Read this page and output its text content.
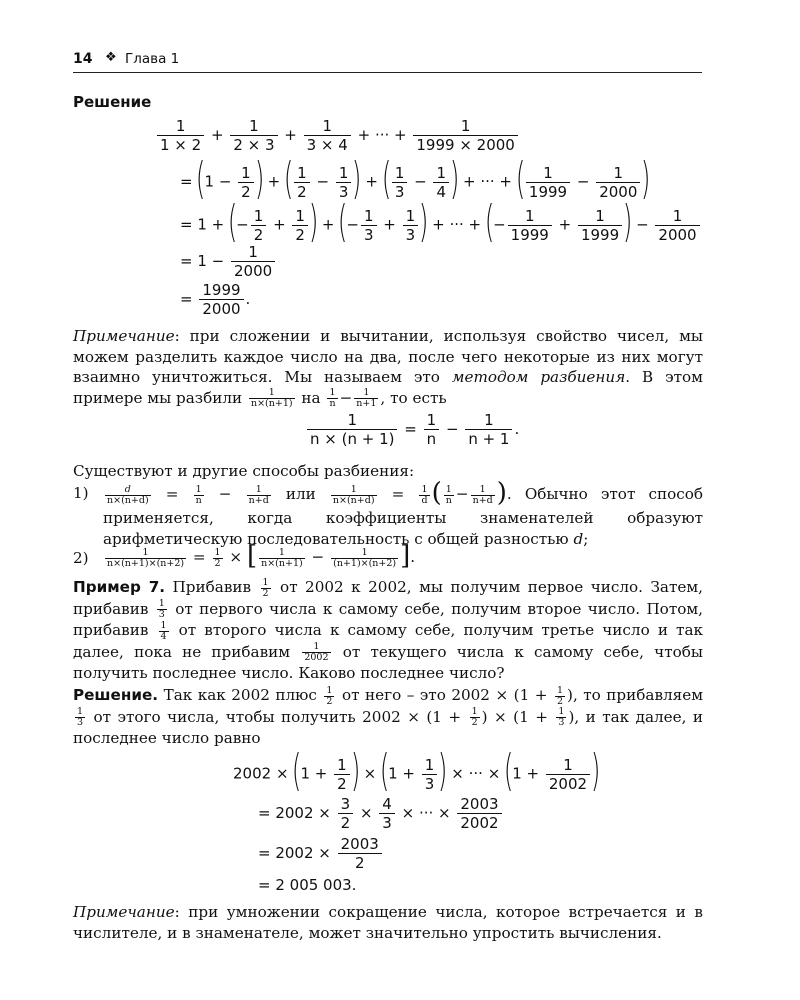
14 ❖ Глава 1
Решение
$\frac{1}{1 \times 2} + \frac{1}{2 \times 3} + \frac{1}{3 \times 4}$ + ··· + $\frac{1}{1999 \times 2000}$
= ($1 - \frac{1}{2}$ ) + ( $\frac{1}{2} - \frac{1}{3}$ ) + ( $\frac{1}{3} - \frac{1}{4}$ ) + ··· + ( $\frac{1}{1999} - \frac{1}{2000}$ )
= 1 + (− $\frac{1}{2} + \frac{1}{2}$ ) + (− $\frac{1}{3} + \frac{1}{3}$ ) + ··· + (− $\frac{1}{1999} + \frac{1}{1999}$ ) − $\frac{1}{2000}$
= $1 - \frac{1}{2000}$
= $\frac{1999}{2000}$ .
Примечание: при сложении и вычитании, используя свойство чисел, мы можем разделить каждое число на два, после чего некоторые из них могут взаимно уничтожиться. Мы называем это методом разбиения. В этом примере мы разбили $\frac{1}{n\times(n+1)}$ на $\frac{1}{n} - \frac{1}{n+1}$ , то есть
$\frac{1}{n \times (n + 1)} = \frac{1}{n} - \frac{1}{n + 1}$ .
Существуют и другие способы разбиения:
$1) \frac{d}{n\times(n+d)} = \frac{1}{n} - \frac{1}{n+d}$ или $\frac{1}{n\times(n+d)} = \frac{1}{d}$ ( $\frac{1}{n} - \frac{1}{n+d}$ ). Обычно этот способ применяется, когда коэффициенты знаменателей образуют арифметическую последовательность с общей разностью d;
$2) \frac{1}{n\times(n+1)\times(n+2)} = \frac{1}{2}$ × [ $\frac{1}{n\times(n+1)} - \frac{1}{(n+1)\times(n+2)}$ ].
Пример 7. Прибавив $\frac{1}{2}$ от 2002 к 2002, мы получим первое число. Затем, прибавив $\frac{1}{3}$ от первого числа к самому себе, получим второе число. Потом, прибавив $\frac{1}{4}$ от второго числа к самому себе, получим третье число и так далее, пока не прибавим $\frac{1}{2002}$ от текущего числа к самому себе, чтобы получить последнее число. Каково последнее число?
Решение. Так как 2002 плюс $\frac{1}{2}$ от него – это $2002 \times (1 + \frac{1}{2}$ ), то прибавляем
$\frac{1}{3}$ от этого числа, чтобы получить $2002 \times (1 + \frac{1}{2}$ ) × ($1 + \frac{1}{3}$ ), и так далее, и последнее число равно
$2002 \times (1 + \frac{1}{2}$ ) × ($1 + \frac{1}{3}$ ) × ··· × ($1 + \frac{1}{2002}$ )
= $2002 \times \frac{3}{2} \times \frac{4}{3}$ × ··· × $\frac{2003}{2002}$
= $2002 \times \frac{2003}{2}$
= 2 005 003.
Примечание: при умножении сокращение числа, которое встречается и в числителе, и в знаменателе, может значительно упростить вычисления.
